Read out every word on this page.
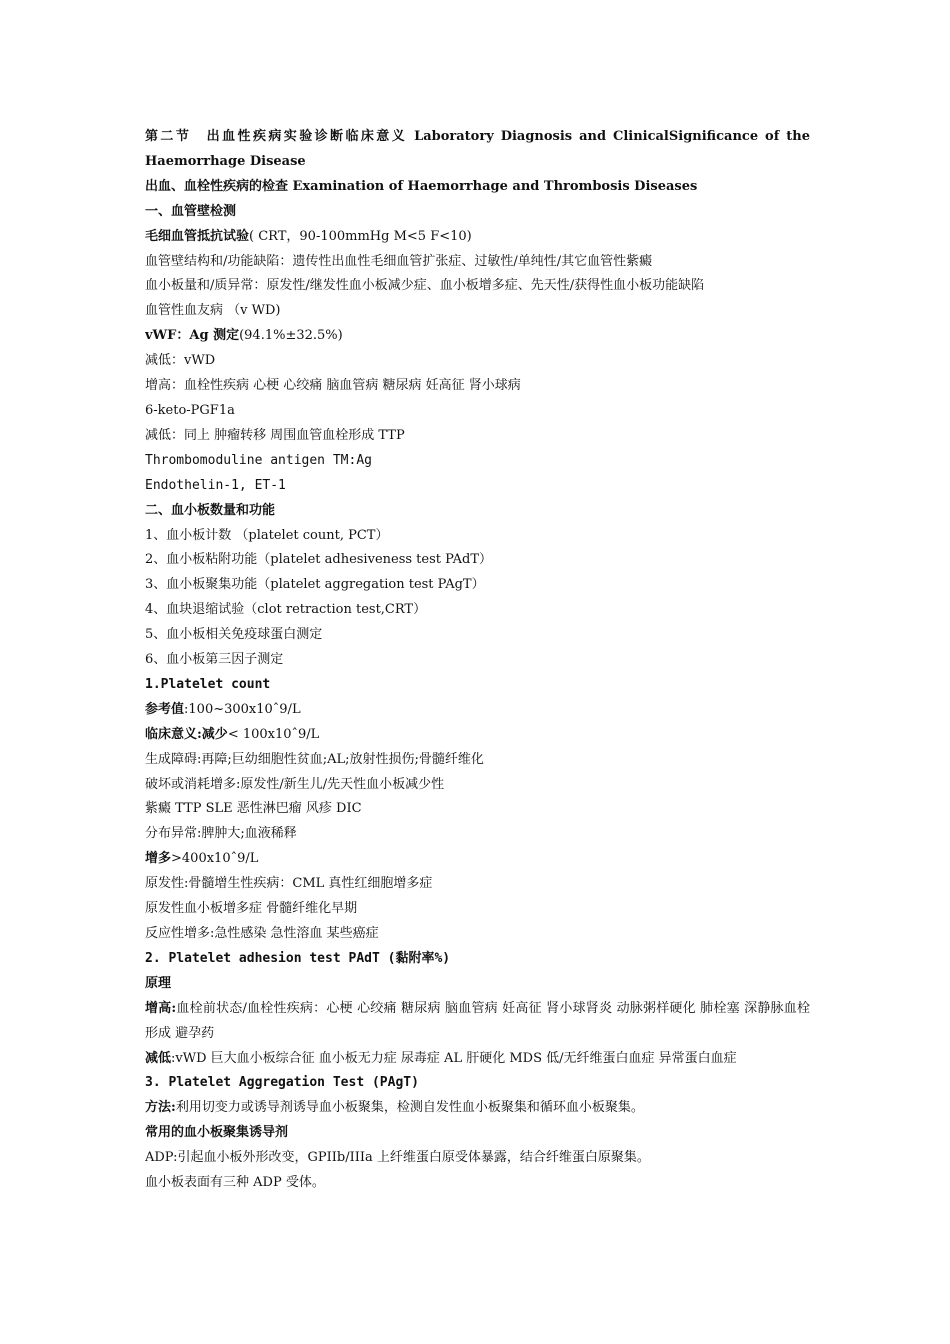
第二节　出血性疾病实验诊断临床意义 Laboratory Diagnosis and ClinicalSignificance of the Haemorrhage Disease
出血、血栓性疾病的检查 Examination of Haemorrhage and Thrombosis Diseases
一、血管壁检测
毛细血管抵抗试验( CRT，90-100mmHg M<5 F<10)
血管壁结构和/功能缺陷：遗传性出血性毛细血管扩张症、过敏性/单纯性/其它血管性紫癜
血小板量和/质异常：原发性/继发性血小板减少症、血小板增多症、先天性/获得性血小板功能缺陷
血管性血友病 （v WD)
vWF：Ag 测定(94.1%±32.5%)
减低：vWD
增高：血栓性疾病 心梗 心绞痛 脑血管病 糖尿病 妊高征 肾小球病
6-keto-PGF1a
减低：同上 肿瘤转移 周围血管血栓形成 TTP
Thrombomoduline antigen TM:Ag
Endothelin-1, ET-1
二、血小板数量和功能
1、血小板计数 （platelet count, PCT）
2、血小板粘附功能（platelet adhesiveness test PAdT）
3、血小板聚集功能（platelet aggregation test PAgT）
4、血块退缩试验（clot retraction test,CRT）
5、血小板相关免疫球蛋白测定
6、血小板第三因子测定
1.Platelet count
参考值:100~300x10ˆ9/L
临床意义:减少< 100x10ˆ9/L
生成障碍:再障;巨幼细胞性贫血;AL;放射性损伤;骨髓纤维化
破坏或消耗增多:原发性/新生儿/先天性血小板减少性
紫癜 TTP SLE 恶性淋巴瘤 风疹 DIC
分布异常:脾肿大;血液稀释
增多>400x10ˆ9/L
原发性:骨髓增生性疾病：CML 真性红细胞增多症
原发性血小板增多症 骨髓纤维化早期
反应性增多:急性感染 急性溶血 某些癌症
2. Platelet adhesion test PAdT (黏附率%)
原理
增高:血栓前状态/血栓性疾病：心梗 心绞痛 糖尿病 脑血管病 妊高征 肾小球肾炎 动脉粥样硬化 肺栓塞 深静脉血栓形成 避孕药
减低:vWD 巨大血小板综合征 血小板无力症 尿毒症 AL 肝硬化 MDS 低/无纤维蛋白血症 异常蛋白血症
3. Platelet Aggregation Test (PAgT)
方法:利用切变力或诱导剂诱导血小板聚集，检测自发性血小板聚集和循环血小板聚集。
常用的血小板聚集诱导剂
ADP:引起血小板外形改变，GPIIb/IIIa 上纤维蛋白原受体暴露，结合纤维蛋白原聚集。
血小板表面有三种 ADP 受体。
